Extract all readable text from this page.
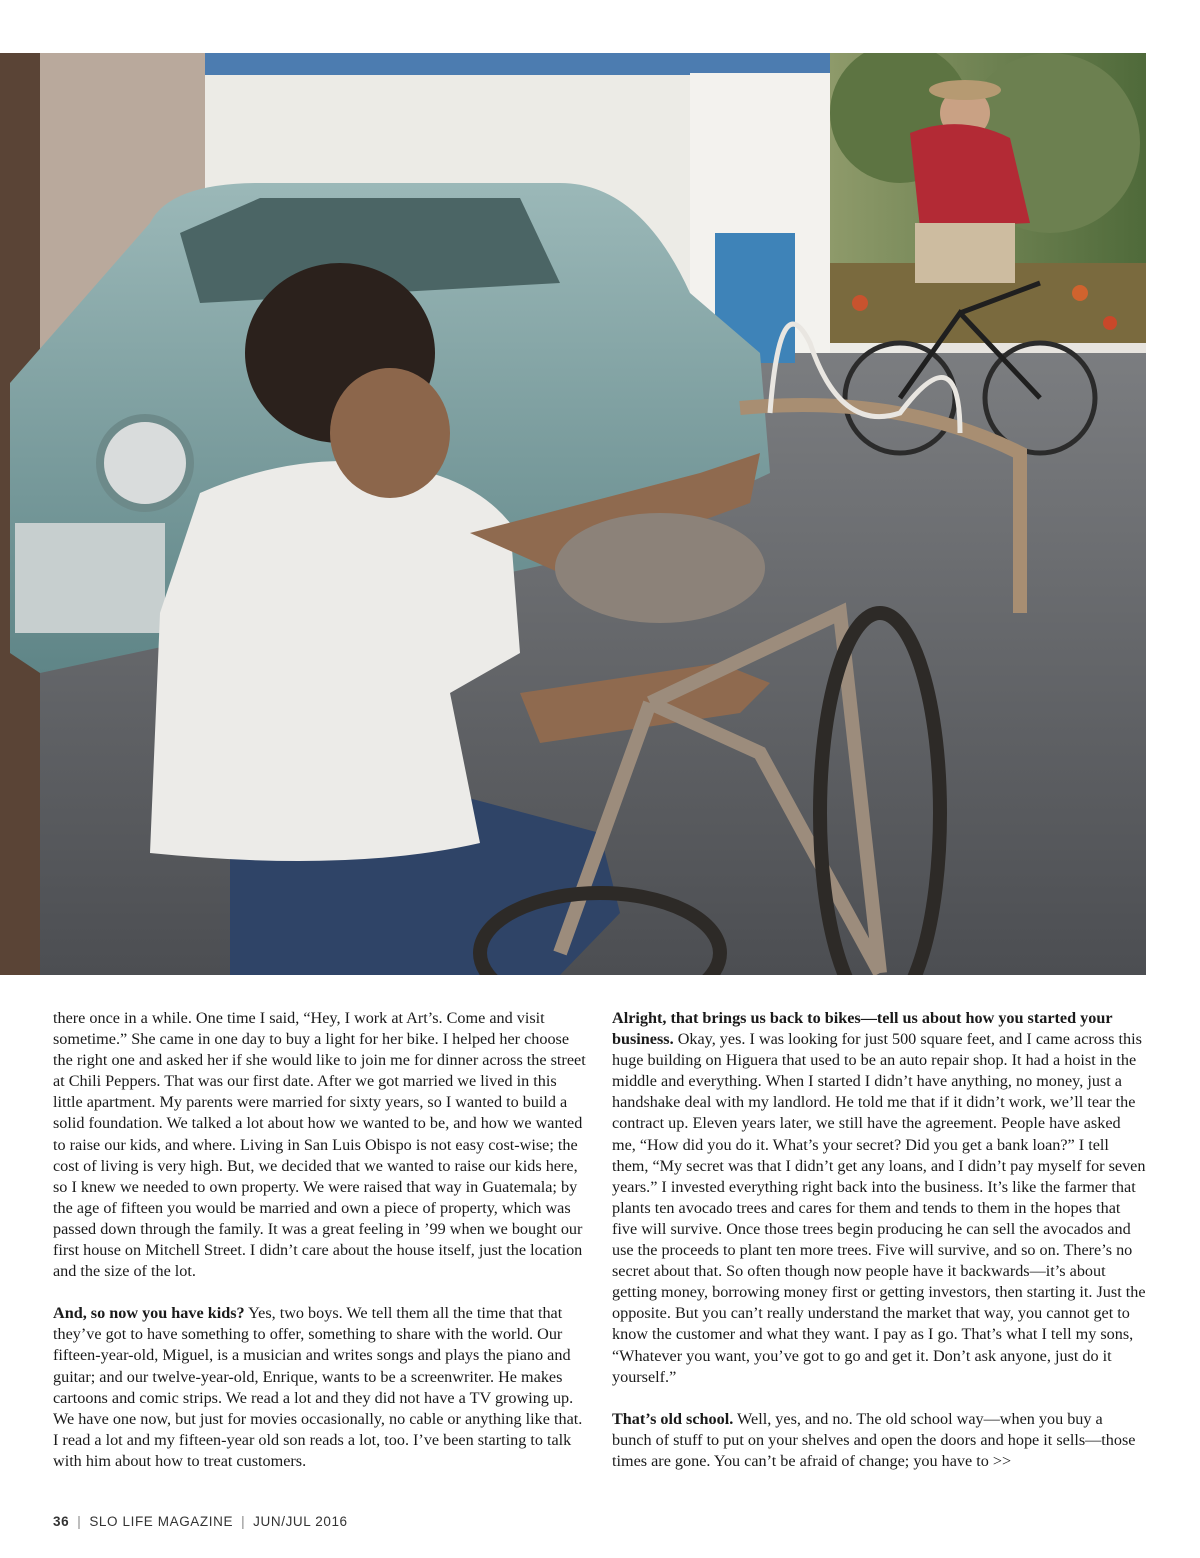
there once in a while. One time I said, “Hey, I work at Art’s. Come and visit sometime.” She came in one day to buy a light for her bike. I helped her choose the right one and asked her if she would like to join me for dinner across the street at Chili Peppers. That was our first date. After we got married we lived in this little apartment. My parents were married for sixty years, so I wanted to build a solid foundation. We talked a lot about how we wanted to be, and how we wanted to raise our kids, and where. Living in San Luis Obispo is not easy cost-wise; the cost of living is very high. But, we decided that we wanted to raise our kids here, so I knew we needed to own property. We were raised that way in Guatemala; by the age of fifteen you would be married and own a piece of property, which was passed down through the family. It was a great feeling in ’99 when we bought our first house on Mitchell Street. I didn’t care about the house itself, just the location and the size of the lot.

And, so now you have kids? Yes, two boys. We tell them all the time that that they’ve got to have something to offer, something to share with the world. Our fifteen-year-old, Miguel, is a musician and writes songs and plays the piano and guitar; and our twelve-year-old, Enrique, wants to be a screenwriter. He makes cartoons and comic strips. We read a lot and they did not have a TV growing up. We have one now, but just for movies occasionally, no cable or anything like that. I read a lot and my fifteen-year old son reads a lot, too. I’ve been starting to talk with him about how to treat customers.

Alright, that brings us back to bikes—tell us about how you started your business. Okay, yes. I was looking for just 500 square feet, and I came across this huge building on Higuera that used to be an auto repair shop. It had a hoist in the middle and everything. When I started I didn’t have anything, no money, just a handshake deal with my landlord. He told me that if it didn’t work, we’ll tear the contract up. Eleven years later, we still have the agreement. People have asked me, “How did you do it. What’s your secret? Did you get a bank loan?” I tell them, “My secret was that I didn’t get any loans, and I didn’t pay myself for seven years.” I invested everything right back into the business. It’s like the farmer that plants ten avocado trees and cares for them and tends to them in the hopes that five will survive. Once those trees begin producing he can sell the avocados and use the proceeds to plant ten more trees. Five will survive, and so on. There’s no secret about that. So often though now people have it backwards—it’s about getting money, borrowing money first or getting investors, then starting it. Just the opposite. But you can’t really understand the market that way, you cannot get to know the customer and what they want. I pay as I go. That’s what I tell my sons, “Whatever you want, you’ve got to go and get it. Don’t ask anyone, just do it yourself.”

That’s old school. Well, yes, and no. The old school way—when you buy a bunch of stuff to put on your shelves and open the doors and hope it sells—those times are gone. You can’t be afraid of change; you have to >>

36 | SLO LIFE MAGAZINE | JUN/JUL 2016
